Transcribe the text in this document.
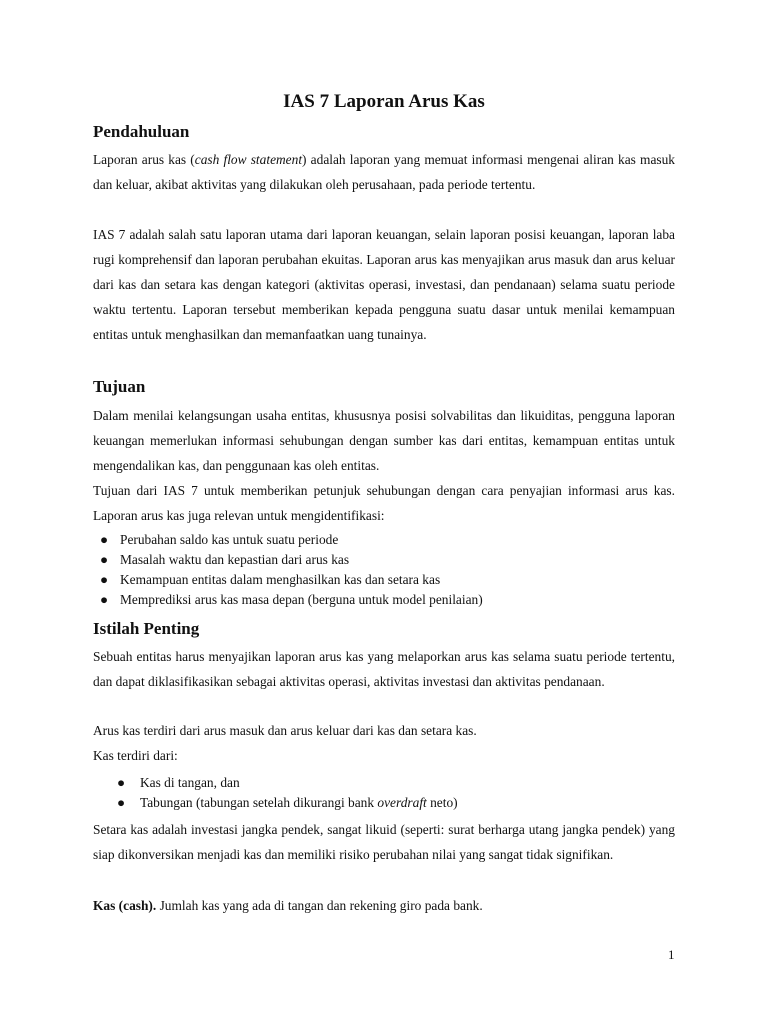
IAS 7 Laporan Arus Kas
Pendahuluan

Laporan arus kas (cash flow statement) adalah laporan yang memuat informasi mengenai aliran kas masuk dan keluar, akibat aktivitas yang dilakukan oleh perusahaan, pada periode tertentu.

IAS 7 adalah salah satu laporan utama dari laporan keuangan, selain laporan posisi keuangan, laporan laba rugi komprehensif dan laporan perubahan ekuitas. Laporan arus kas menyajikan arus masuk dan arus keluar dari kas dan setara kas dengan kategori (aktivitas operasi, investasi, dan pendanaan) selama suatu periode waktu tertentu. Laporan tersebut memberikan kepada pengguna suatu dasar untuk menilai kemampuan entitas untuk menghasilkan dan memanfaatkan uang tunainya.

Tujuan

Dalam menilai kelangsungan usaha entitas, khususnya posisi solvabilitas dan likuiditas, pengguna laporan keuangan memerlukan informasi sehubungan dengan sumber kas dari entitas, kemampuan entitas untuk mengendalikan kas, dan penggunaan kas oleh entitas.

Tujuan dari IAS 7 untuk memberikan petunjuk sehubungan dengan cara penyajian informasi arus kas. Laporan arus kas juga relevan untuk mengidentifikasi:

● Perubahan saldo kas untuk suatu periode
● Masalah waktu dan kepastian dari arus kas
● Kemampuan entitas dalam menghasilkan kas dan setara kas
● Memprediksi arus kas masa depan (berguna untuk model penilaian)
Istilah Penting

Sebuah entitas harus menyajikan laporan arus kas yang melaporkan arus kas selama suatu periode tertentu, dan dapat diklasifikasikan sebagai aktivitas operasi, aktivitas investasi dan aktivitas pendanaan.

Arus kas terdiri dari arus masuk dan arus keluar dari kas dan setara kas.

Kas terdiri dari:

● Kas di tangan, dan
● Tabungan (tabungan setelah dikurangi bank overdraft neto)

Setara kas adalah investasi jangka pendek, sangat likuid (seperti: surat berharga utang jangka pendek) yang siap dikonversikan menjadi kas dan memiliki risiko perubahan nilai yang sangat tidak signifikan.

Kas (cash). Jumlah kas yang ada di tangan dan rekening giro pada bank.

1
